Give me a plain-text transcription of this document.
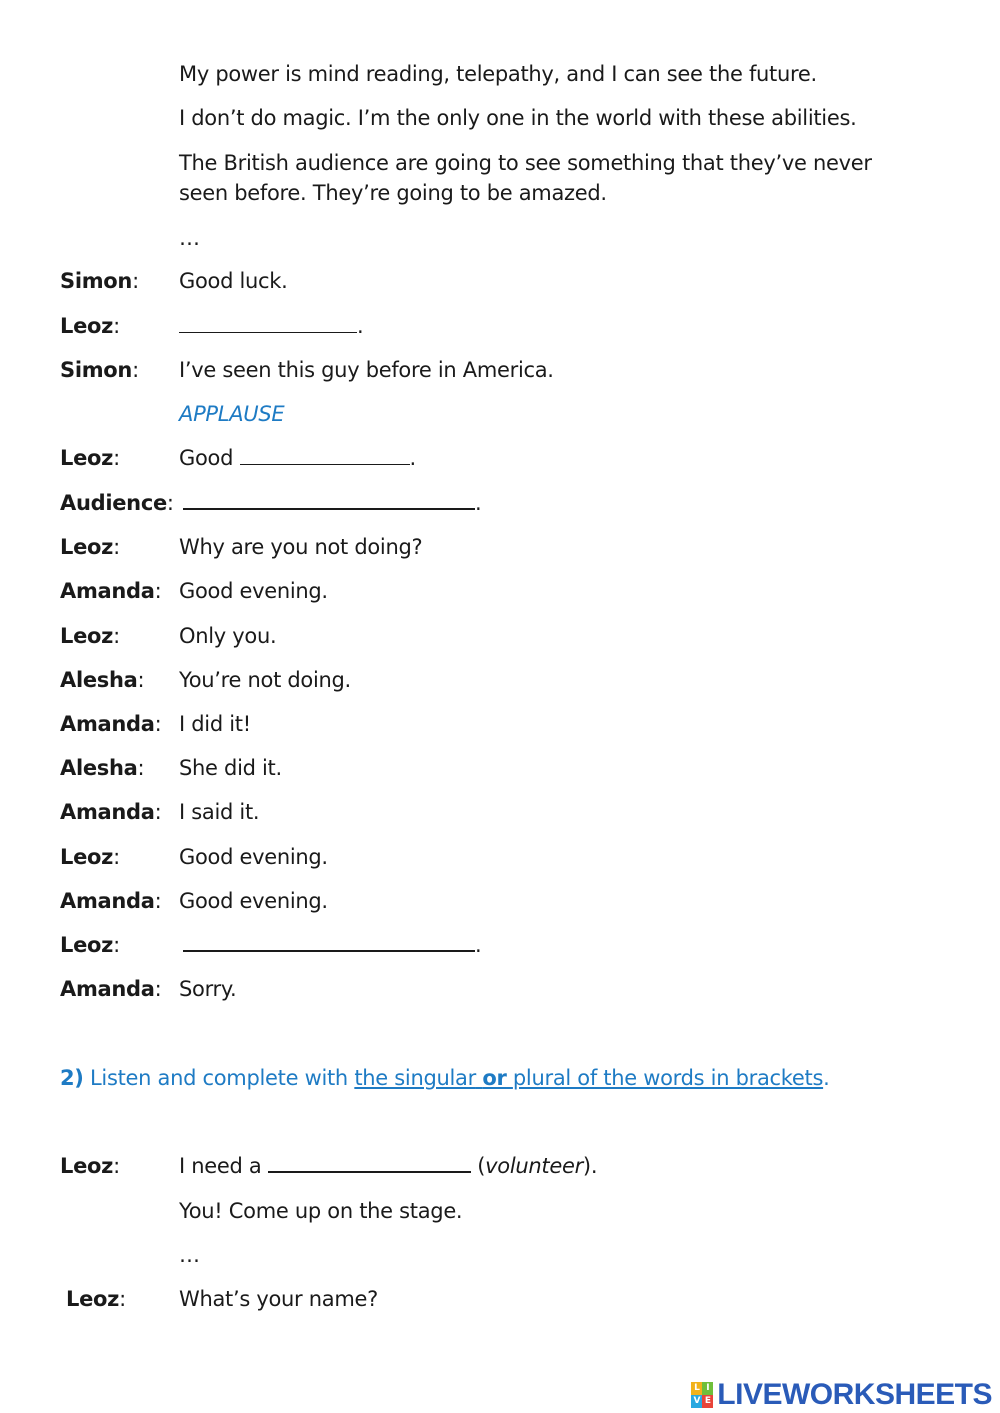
My power is mind reading, telepathy, and I can see the future.
I don’t do magic. I’m the only one in the world with these abilities.
The British audience are going to see something that they’ve never
seen before. They’re going to be amazed.
…
Simon: Good luck.
Leoz:	.
Simon: I’ve seen this guy before in America.
APPLAUSE
Leoz:	Good	.
Audience:	.
Leoz:	Why are you not doing?
Amanda: Good evening.
Leoz:	Only you.
Alesha: You’re not doing.
Amanda: I did it!
Alesha: She did it.
Amanda: I said it.
Leoz:	Good evening.
Amanda: Good evening.
Leoz:	.
Amanda: Sorry.
2) Listen and complete with the singular or plural of the words in brackets.
Leoz:	I need a	(volunteer).
You! Come up on the stage.
…
Leoz:	What’s your name?
L I
V E LIVEWORKSHEETS
